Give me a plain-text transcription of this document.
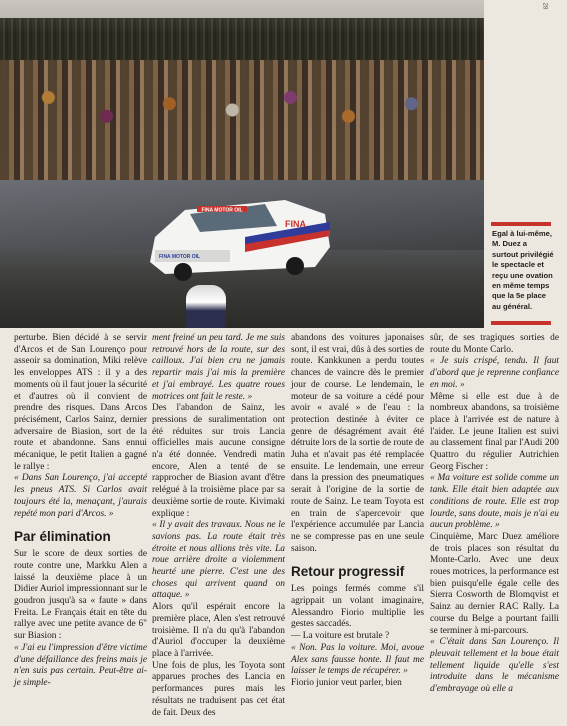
FINA MOTOR OIL
FINA
FINA MOTOR OIL
Egal à lui-même, M. Duez a surtout privilégié le spectacle et reçu une ovation en même temps que la 5e place au général.
28

perturbe. Bien décidé à se servir d'Arcos et de San Lourenço pour asseoir sa domination, Miki relève les enveloppes ATS : il y a des moments où il faut jouer la sécurité et d'autres où il convient de prendre des risques. Dans Arcos précisément, Carlos Sainz, dernier adversaire de Biasion, sort de la route et abandonne. Sans ennui mécanique, le petit Italien a gagné le rallye :

« Dans San Lourenço, j'ai accepté les pneus ATS. Si Carlos avait toujours été la, menaçant, j'aurais repété mon pari d'Arcos. »

Par élimination

Sur le score de deux sorties de route contre une, Markku Alen a laissé la deuxième place à un Didier Auriol impressionnant sur le goudron jusqu'à sa « faute » dans Freita. Le Français était en tête du rallye avec une petite avance de 6" sur Biasion :

« J'ai eu l'impression d'être victime d'une défaillance des freins mais je n'en suis pas certain. Peut-être ai-je simple-

ment freiné un peu tard. Je me suis retrouvé hors de la route, sur des cailloux. J'ai bien cru ne jamais repartir mais j'ai mis la première et j'ai embrayé. Les quatre roues motrices ont fait le reste. »

Des l'abandon de Sainz, les pressions de suralimentation ont été réduites sur trois Lancia officielles mais aucune consigne n'a été donnée. Vendredi matin encore, Alen a tenté de se rapprocher de Biasion avant d'être relégué à la troisième place par sa deuxième sortie de route. Kivimaki explique :

« Il y avait des travaux. Nous ne le savions pas. La route était très étroite et nous allions très vite. La roue arrière droite a violemment heurté une pierre. C'est une des choses qui arrivent quand on attaque. »

Alors qu'il espérait encore la première place, Alen s'est retrouvé troisième. Il n'a du qu'à l'abandon d'Auriol d'occuper la deuxième place à l'arrivée.

Une fois de plus, les Toyota sont apparues proches des Lancia en performances pures mais les résultats ne traduisent pas cet état de fait. Deux des

abandons des voitures japonaises sont, il est vrai, dûs à des sorties de route. Kankkunen a perdu toutes chances de vaincre dès le premier jour de course. Le lendemain, le moteur de sa voiture a cédé pour avoir « avalé » de l'eau : la protection destinée à éviter ce genre de désagrément avait été détruite lors de la sortie de route de Juha et n'avait pas été remplacée ensuite. Le lendemain, une erreur dans la pression des pneumatiques serait à l'origine de la sortie de route de Sainz. Le team Toyota est en train de s'apercevoir que l'expérience accumulée par Lancia ne se compresse pas en une seule saison.

Retour progressif

Les poings fermés comme s'il agrippait un volant imaginaire, Alessandro Fiorio multiplie les gestes saccadés.

— La voiture est brutale ?

« Non. Pas la voiture. Moi, avoue Alex sans fausse honte. Il faut me laisser le temps de récupérer. »

Fiorio junior veut parler, bien

sûr, de ses tragiques sorties de route du Monte Carlo.

« Je suis crispé, tendu. Il faut d'abord que je reprenne confiance en moi. »

Même si elle est due à de nombreux abandons, sa troisième place à l'arrivée est de nature à l'aider. Le jeune Italien est suivi au classement final par l'Audi 200 Quattro du régulier Autrichien Georg Fischer :

« Ma voiture est solide comme un tank. Elle était bien adaptée aux conditions de route. Elle est trop lourde, sans doute, mais je n'ai eu aucun problème. »

Cinquième, Marc Duez améliore de trois places son résultat du Monte-Carlo. Avec une deux roues motrices, la performance est bien puisqu'elle égale celle des Sierra Cosworth de Blomqvist et Sainz au dernier RAC Rally. La course du Belge a pourtant failli se terminer à mi-parcours.

« C'était dans San Lourenço. Il pleuvait tellement et la boue était tellement liquide qu'elle s'est introduite dans le mécanisme d'embrayage où elle a
